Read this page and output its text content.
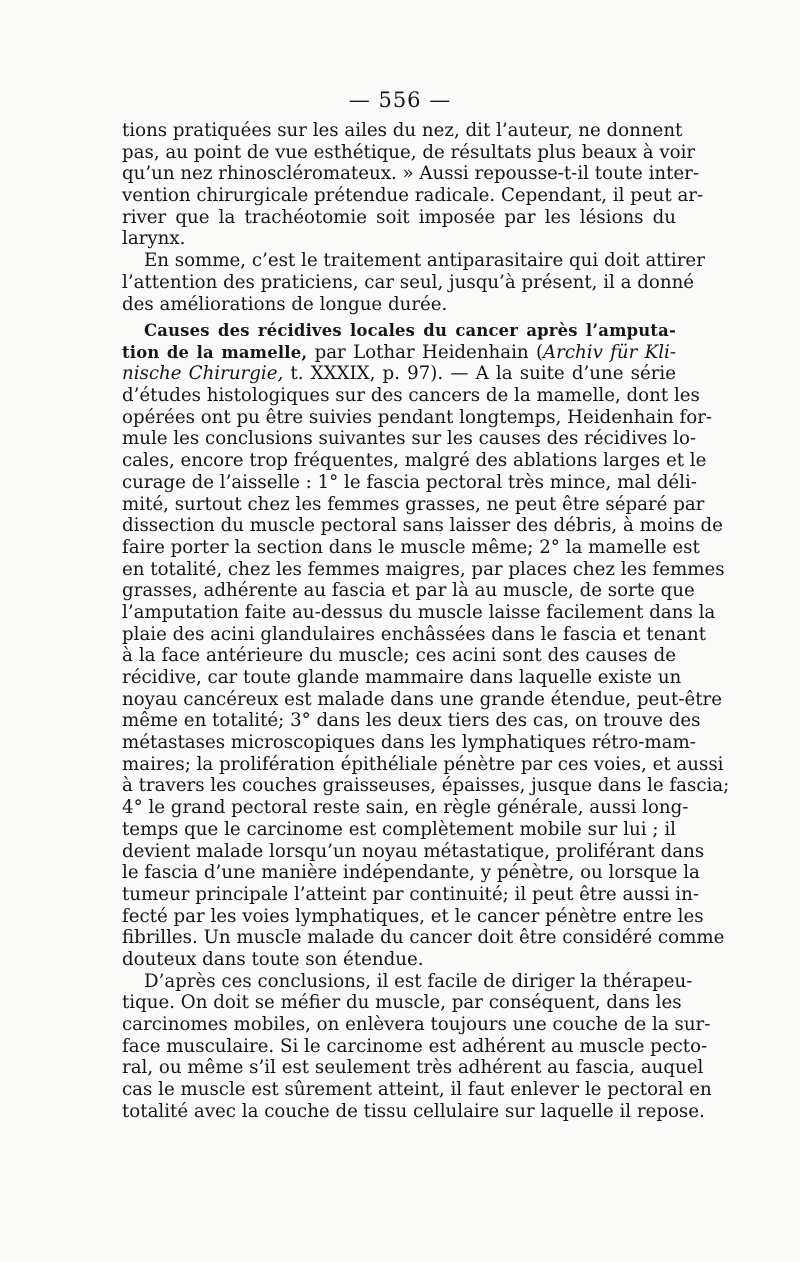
— 556 —
tions pratiquées sur les ailes du nez, dit l’auteur, ne donnent
pas, au point de vue esthétique, de résultats plus beaux à voir
qu’un nez rhinoscléromateux. » Aussi repousse-t-il toute inter-
vention chirurgicale prétendue radicale. Cependant, il peut ar-
river que la trachéotomie soit imposée par les lésions du
larynx.
En somme, c’est le traitement antiparasitaire qui doit attirer
l’attention des praticiens, car seul, jusqu’à présent, il a donné
des améliorations de longue durée.
Causes des récidives locales du cancer après l’amputa-
tion de la mamelle, par Lothar Heidenhain (Archiv für Kli-
nische Chirurgie, t. XXXIX, p. 97). — A la suite d’une série
d’études histologiques sur des cancers de la mamelle, dont les
opérées ont pu être suivies pendant longtemps, Heidenhain for-
mule les conclusions suivantes sur les causes des récidives lo-
cales, encore trop fréquentes, malgré des ablations larges et le
curage de l’aisselle : 1° le fascia pectoral très mince, mal déli-
mité, surtout chez les femmes grasses, ne peut être séparé par
dissection du muscle pectoral sans laisser des débris, à moins de
faire porter la section dans le muscle même; 2° la mamelle est
en totalité, chez les femmes maigres, par places chez les femmes
grasses, adhérente au fascia et par là au muscle, de sorte que
l’amputation faite au-dessus du muscle laisse facilement dans la
plaie des acini glandulaires enchâssées dans le fascia et tenant
à la face antérieure du muscle; ces acini sont des causes de
récidive, car toute glande mammaire dans laquelle existe un
noyau cancéreux est malade dans une grande étendue, peut-être
même en totalité; 3° dans les deux tiers des cas, on trouve des
métastases microscopiques dans les lymphatiques rétro-mam-
maires; la prolifération épithéliale pénètre par ces voies, et aussi
à travers les couches graisseuses, épaisses, jusque dans le fascia;
4° le grand pectoral reste sain, en règle générale, aussi long-
temps que le carcinome est complètement mobile sur lui ; il
devient malade lorsqu’un noyau métastatique, proliférant dans
le fascia d’une manière indépendante, y pénètre, ou lorsque la
tumeur principale l’atteint par continuité; il peut être aussi in-
fecté par les voies lymphatiques, et le cancer pénètre entre les
fibrilles. Un muscle malade du cancer doit être considéré comme
douteux dans toute son étendue.
D’après ces conclusions, il est facile de diriger la thérapeu-
tique. On doit se méfier du muscle, par conséquent, dans les
carcinomes mobiles, on enlèvera toujours une couche de la sur-
face musculaire. Si le carcinome est adhérent au muscle pecto-
ral, ou même s’il est seulement très adhérent au fascia, auquel
cas le muscle est sûrement atteint, il faut enlever le pectoral en
totalité avec la couche de tissu cellulaire sur laquelle il repose.
